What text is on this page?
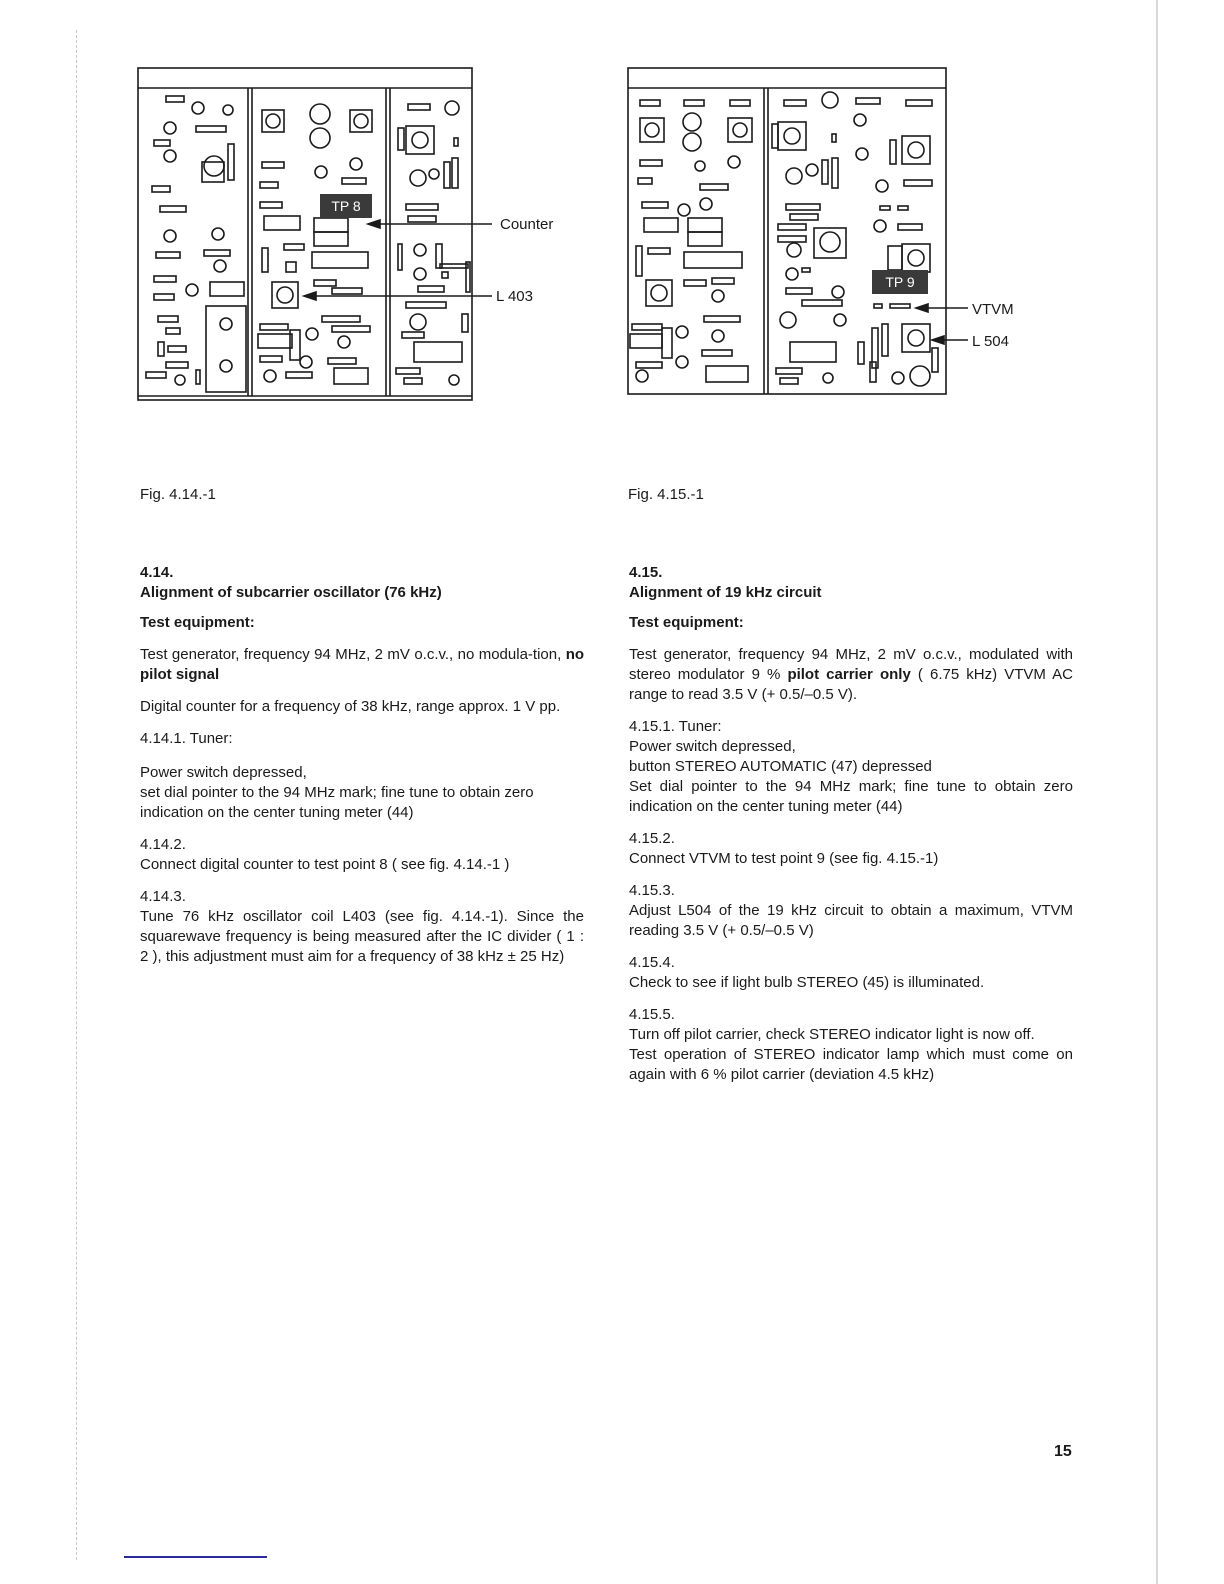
TP 8
Counter
L 403
TP 9
VTVM
L 504
Fig. 4.14.-1	Fig. 4.15.-1

4.14.

Alignment of subcarrier oscillator (76 kHz)

Test equipment:

Test generator, frequency 94 MHz, 2 mV o.c.v., no modula-tion, no pilot signal

Digital counter for a frequency of 38 kHz, range approx. 1 V pp.

4.14.1. Tuner:

Power switch depressed,

set dial pointer to the 94 MHz mark; fine tune to obtain zero indication on the center tuning meter (44)

4.14.2.

Connect digital counter to test point 8 ( see fig. 4.14.-1 )

4.14.3.

Tune 76 kHz oscillator coil L403 (see fig. 4.14.-1). Since the squarewave frequency is being measured after the IC divider ( 1 : 2 ), this adjustment must aim for a frequency of 38 kHz ± 25 Hz)

4.15.

Alignment of 19 kHz circuit

Test equipment:

Test generator, frequency 94 MHz, 2 mV o.c.v., modulated with stereo modulator 9 % pilot carrier only ( 6.75 kHz) VTVM AC range to read 3.5 V (+ 0.5/–0.5 V).

4.15.1. Tuner:

Power switch depressed,

button STEREO AUTOMATIC (47) depressed

Set dial pointer to the 94 MHz mark; fine tune to obtain zero indication on the center tuning meter (44)

4.15.2.

Connect VTVM to test point 9 (see fig. 4.15.-1)

4.15.3.

Adjust L504 of the 19 kHz circuit to obtain a maximum, VTVM reading 3.5 V (+ 0.5/–0.5 V)

4.15.4.

Check to see if light bulb STEREO (45) is illuminated.

4.15.5.

Turn off pilot carrier, check STEREO indicator light is now off.

Test operation of STEREO indicator lamp which must come on again with 6 % pilot carrier (deviation 4.5 kHz)

15
